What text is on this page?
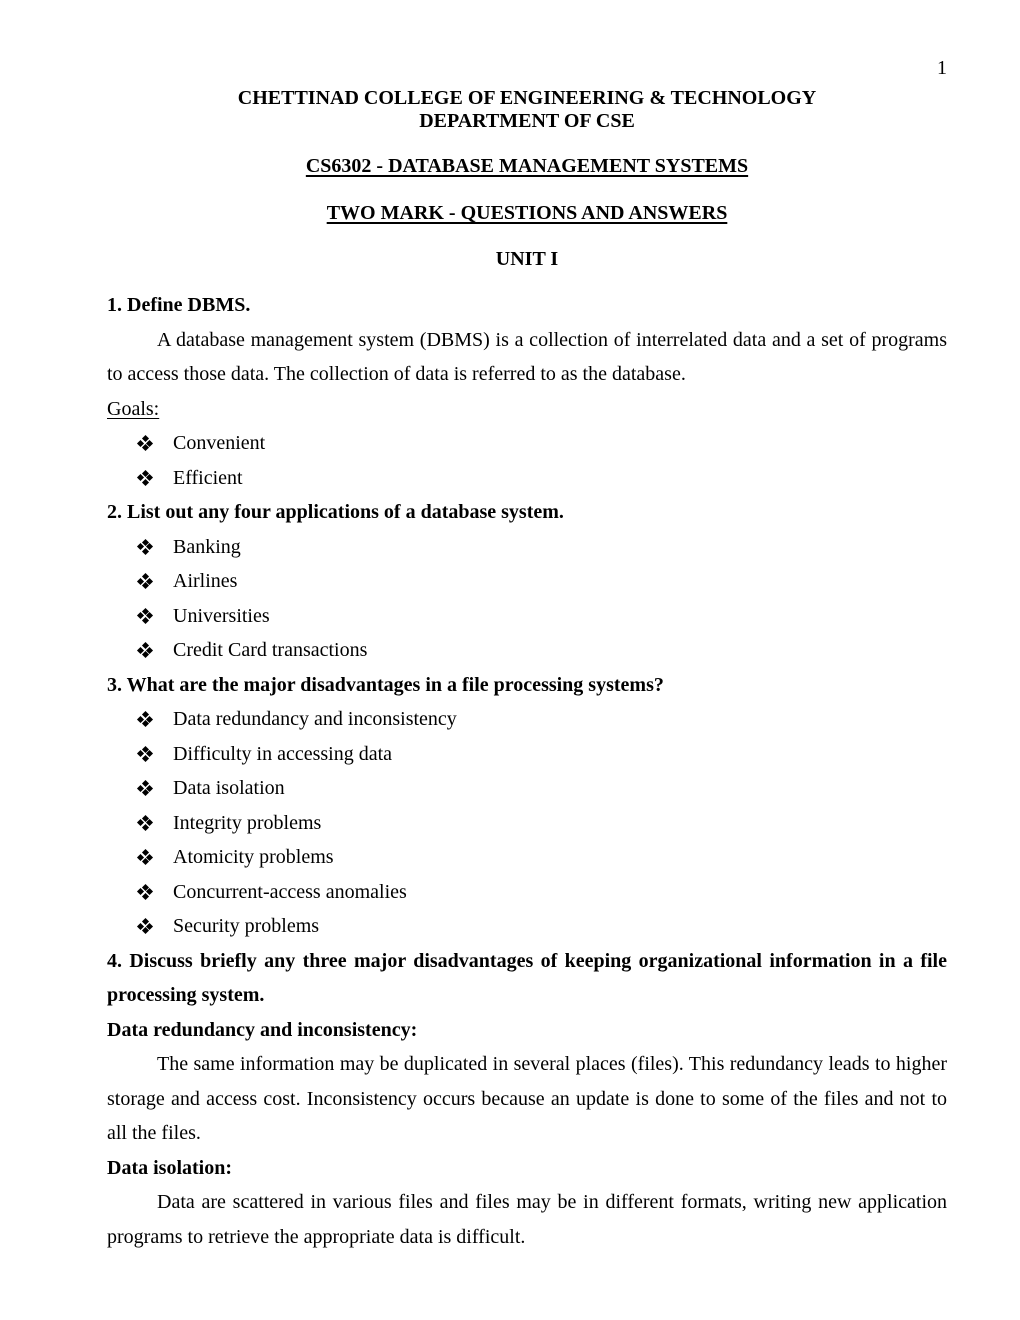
1
CHETTINAD COLLEGE OF ENGINEERING & TECHNOLOGY
DEPARTMENT OF CSE
CS6302 - DATABASE MANAGEMENT SYSTEMS
TWO MARK - QUESTIONS AND ANSWERS
UNIT I
1. Define DBMS.
A database management system (DBMS) is a collection of interrelated data and a set of programs to access those data. The collection of data is referred to as the database.
Goals:
Convenient
Efficient
2. List out any four applications of a database system.
Banking
Airlines
Universities
Credit Card transactions
3. What are the major disadvantages in a file processing systems?
Data redundancy and inconsistency
Difficulty in accessing data
Data isolation
Integrity problems
Atomicity problems
Concurrent-access anomalies
Security problems
4. Discuss briefly any three major disadvantages of keeping organizational information in a file processing system.
Data redundancy and inconsistency:
The same information may be duplicated in several places (files). This redundancy leads to higher storage and access cost. Inconsistency occurs because an update is done to some of the files and not to all the files.
Data isolation:
Data are scattered in various files and files may be in different formats, writing new application programs to retrieve the appropriate data is difficult.
